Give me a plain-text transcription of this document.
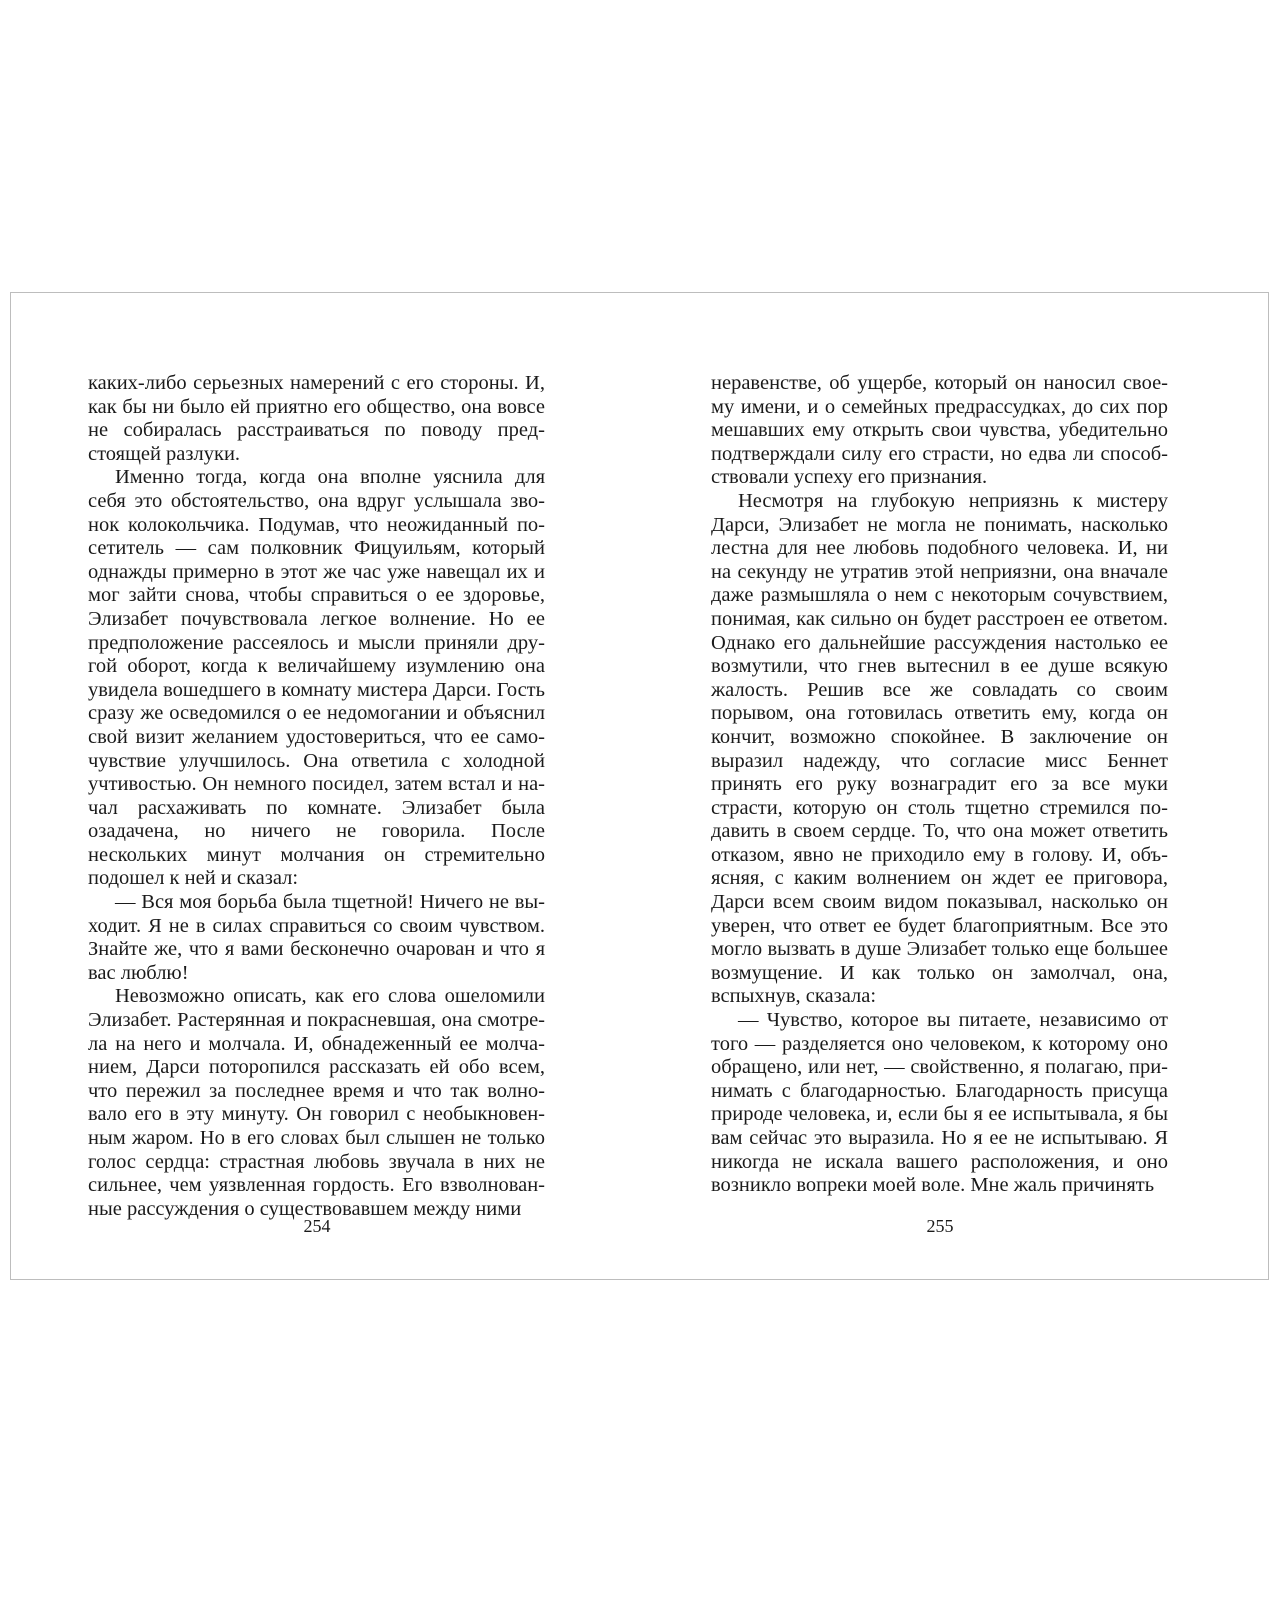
каких-либо серьезных намерений с его стороны. И, как бы ни было ей приятно его общество, она вовсе не собиралась расстраиваться по поводу предстоящей разлуки.

Именно тогда, когда она вполне уяснила для себя это обстоятельство, она вдруг услышала звонок колокольчика. Подумав, что неожиданный посетитель — сам полковник Фицуильям, который однажды примерно в этот же час уже навещал их и мог зайти снова, чтобы справиться о ее здоровье, Элизабет почувствовала легкое волнение. Но ее предположение рассеялось и мысли приняли другой оборот, когда к величайшему изумлению она увидела вошедшего в комнату мистера Дарси. Гость сразу же осведомился о ее недомогании и объяснил свой визит желанием удостовериться, что ее самочувствие улучшилось. Она ответила с холодной учтивостью. Он немного посидел, затем встал и начал расхаживать по комнате. Элизабет была озадачена, но ничего не говорила. После нескольких минут молчания он стремительно подошел к ней и сказал:

— Вся моя борьба была тщетной! Ничего не выходит. Я не в силах справиться со своим чувством. Знайте же, что я вами бесконечно очарован и что я вас люблю!

Невозможно описать, как его слова ошеломили Элизабет. Растерянная и покрасневшая, она смотрела на него и молчала. И, обнадеженный ее молчанием, Дарси поторопился рассказать ей обо всем, что пережил за последнее время и что так волновало его в эту минуту. Он говорил с необыкновенным жаром. Но в его словах был слышен не только голос сердца: страстная любовь звучала в них не сильнее, чем уязвленная гордость. Его взволнованные рассуждения о существовавшем между ними

неравенстве, об ущербе, который он наносил своему имени, и о семейных предрассудках, до сих пор мешавших ему открыть свои чувства, убедительно подтверждали силу его страсти, но едва ли способствовали успеху его признания.

Несмотря на глубокую неприязнь к мистеру Дарси, Элизабет не могла не понимать, насколько лестна для нее любовь подобного человека. И, ни на секунду не утратив этой неприязни, она вначале даже размышляла о нем с некоторым сочувствием, понимая, как сильно он будет расстроен ее ответом. Однако его дальнейшие рассуждения настолько ее возмутили, что гнев вытеснил в ее душе всякую жалость. Решив все же совладать со своим порывом, она готовилась ответить ему, когда он кончит, возможно спокойнее. В заключение он выразил надежду, что согласие мисс Беннет принять его руку вознаградит его за все муки страсти, которую он столь тщетно стремился подавить в своем сердце. То, что она может ответить отказом, явно не приходило ему в голову. И, объясняя, с каким волнением он ждет ее приговора, Дарси всем своим видом показывал, насколько он уверен, что ответ ее будет благоприятным. Все это могло вызвать в душе Элизабет только еще большее возмущение. И как только он замолчал, она, вспыхнув, сказала:

— Чувство, которое вы питаете, независимо от того — разделяется оно человеком, к которому оно обращено, или нет, — свойственно, я полагаю, принимать с благодарностью. Благодарность присуща природе человека, и, если бы я ее испытывала, я бы вам сейчас это выразила. Но я ее не испытываю. Я никогда не искала вашего расположения, и оно возникло вопреки моей воле. Мне жаль причинять

254	255
